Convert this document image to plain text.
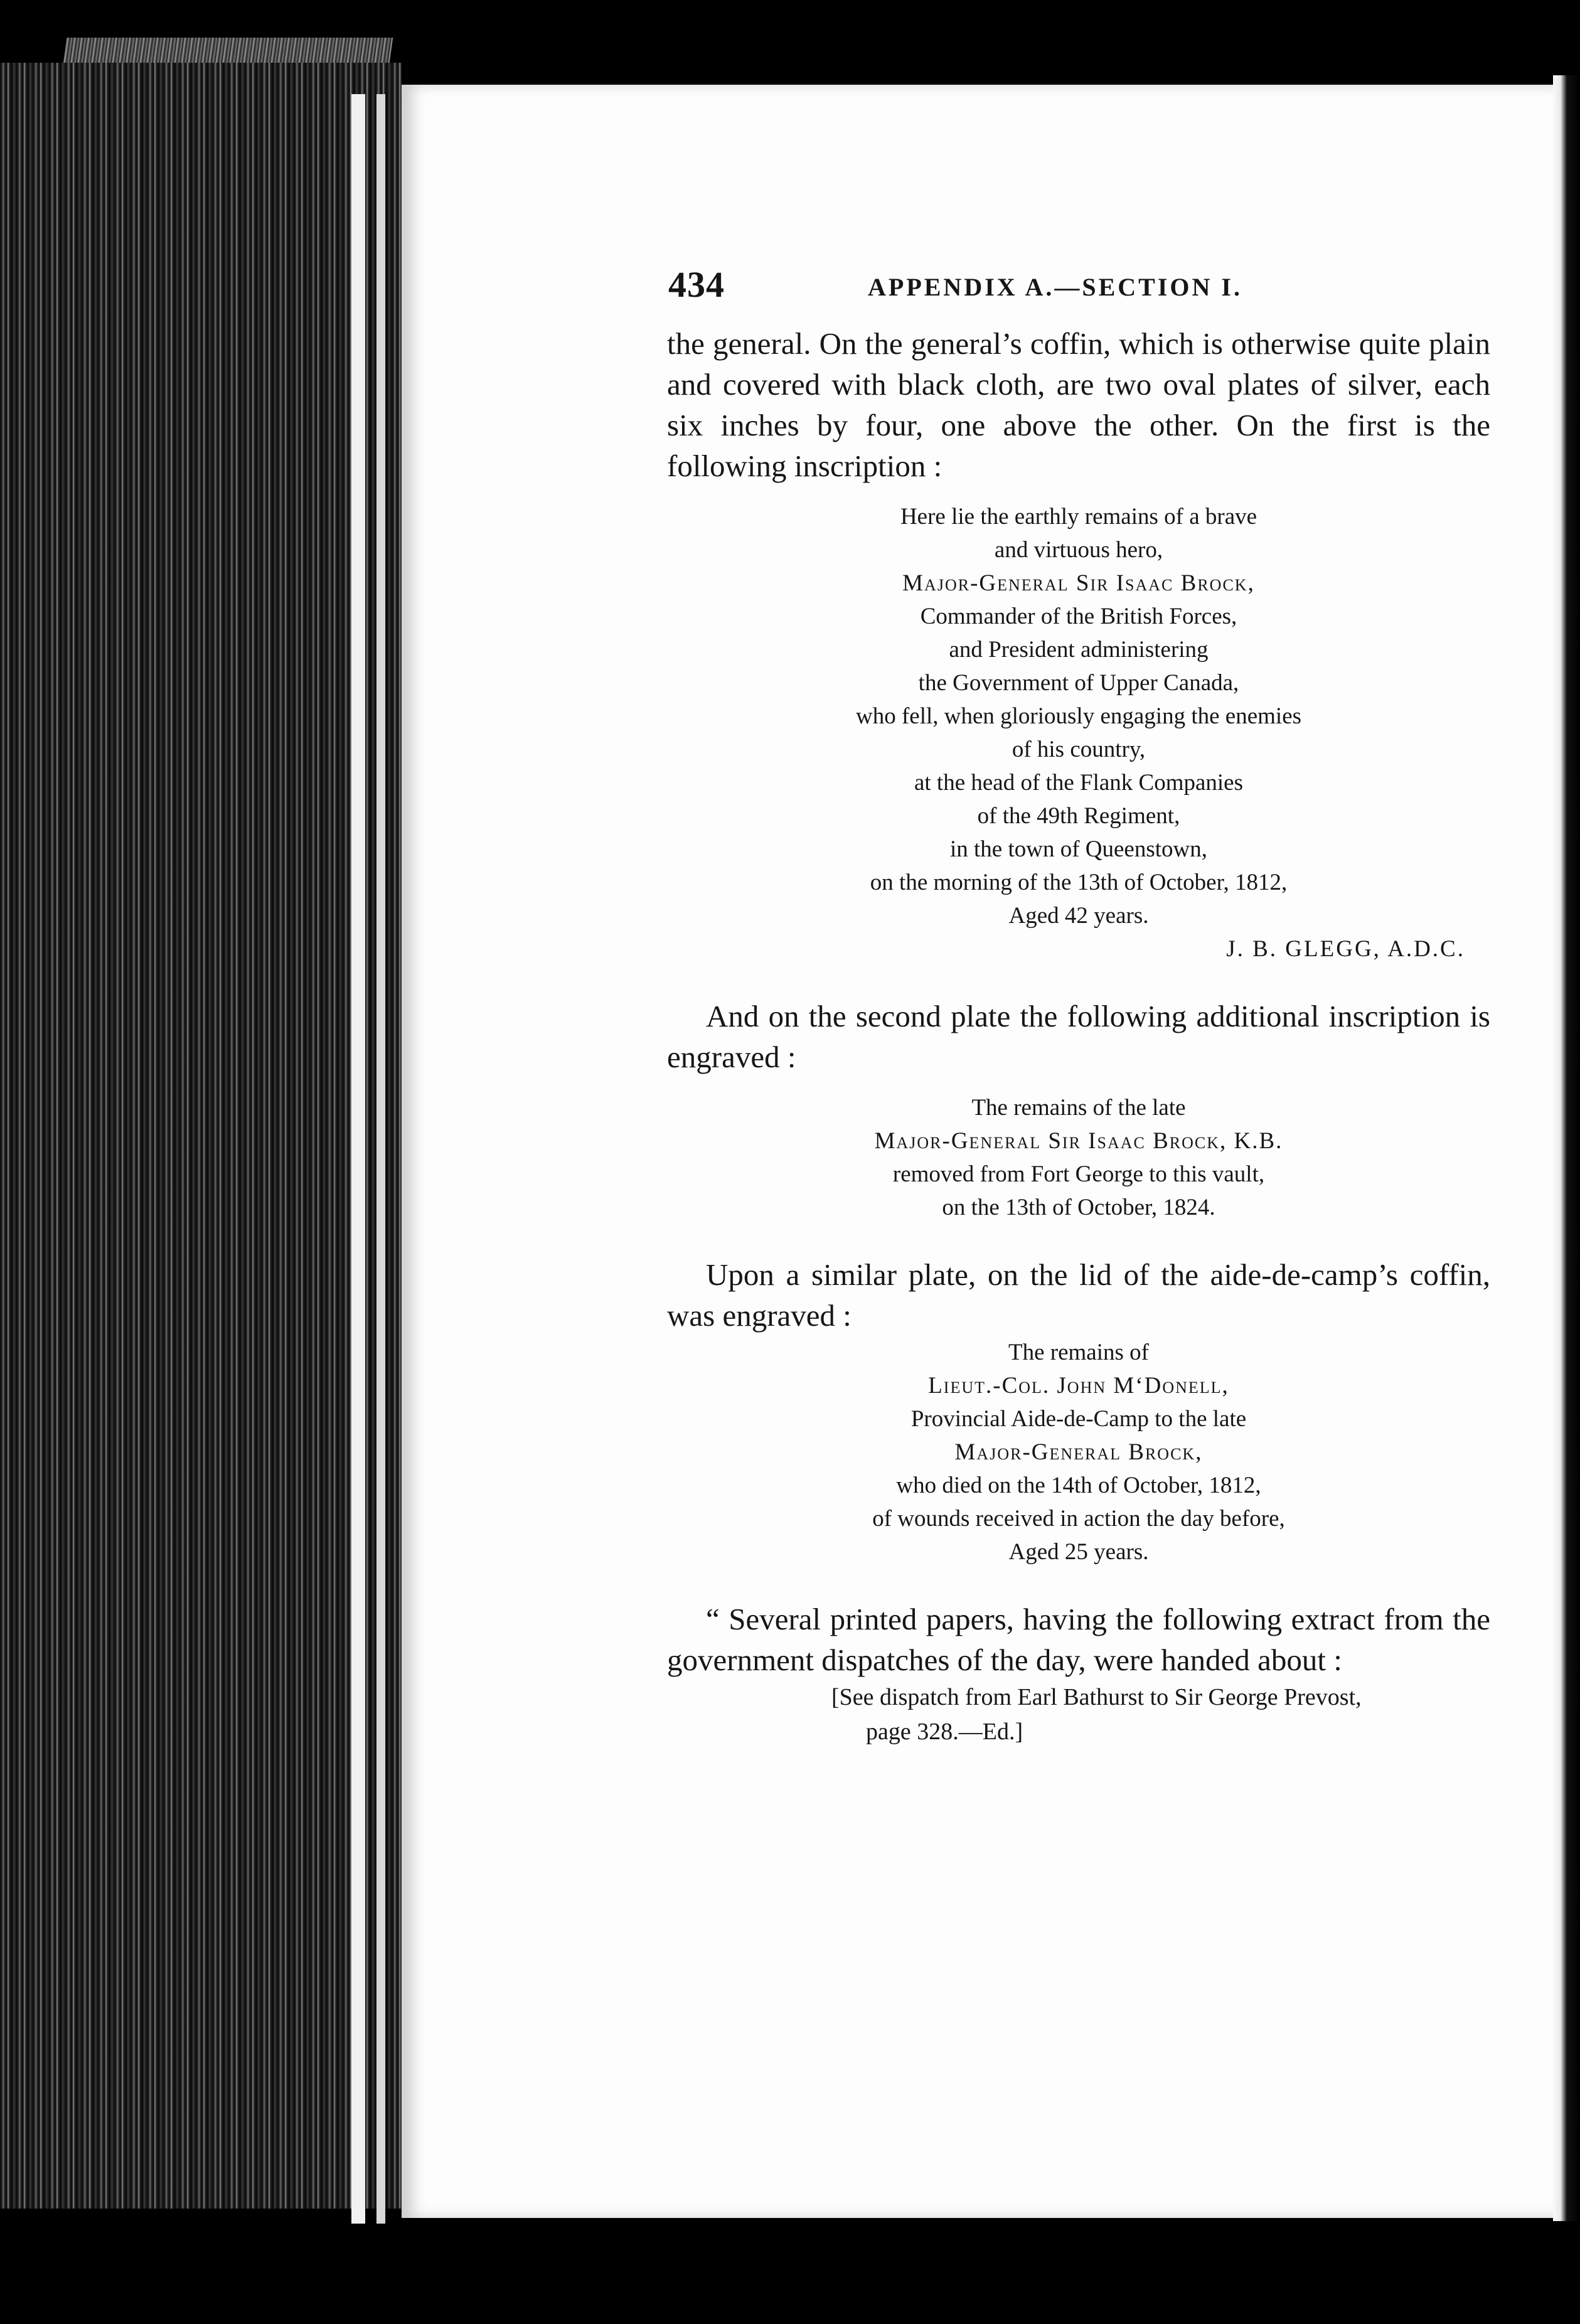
434	APPENDIX A.—SECTION I.

the general. On the general’s coffin, which is otherwise quite plain and covered with black cloth, are two oval plates of silver, each six inches by four, one above the other. On the first is the following inscription :

Here lie the earthly remains of a brave
and virtuous hero,
Major-General Sir Isaac Brock,
Commander of the British Forces,
and President administering
the Government of Upper Canada,
who fell, when gloriously engaging the enemies
of his country,
at the head of the Flank Companies
of the 49th Regiment,
in the town of Queenstown,
on the morning of the 13th of October, 1812,
Aged 42 years.
J. B. GLEGG, A.D.C.

And on the second plate the following additional inscription is engraved :

The remains of the late
Major-General Sir Isaac Brock, K.B.
removed from Fort George to this vault,
on the 13th of October, 1824.

Upon a similar plate, on the lid of the aide-de-camp’s coffin, was engraved :

The remains of
Lieut.-Col. John M‘Donell,
Provincial Aide-de-Camp to the late
Major-General Brock,
who died on the 14th of October, 1812,
of wounds received in action the day before,
Aged 25 years.

“ Several printed papers, having the following extract from the government dispatches of the day, were handed about :

[See dispatch from Earl Bathurst to Sir George Prevost,
page 328.—Ed.]
